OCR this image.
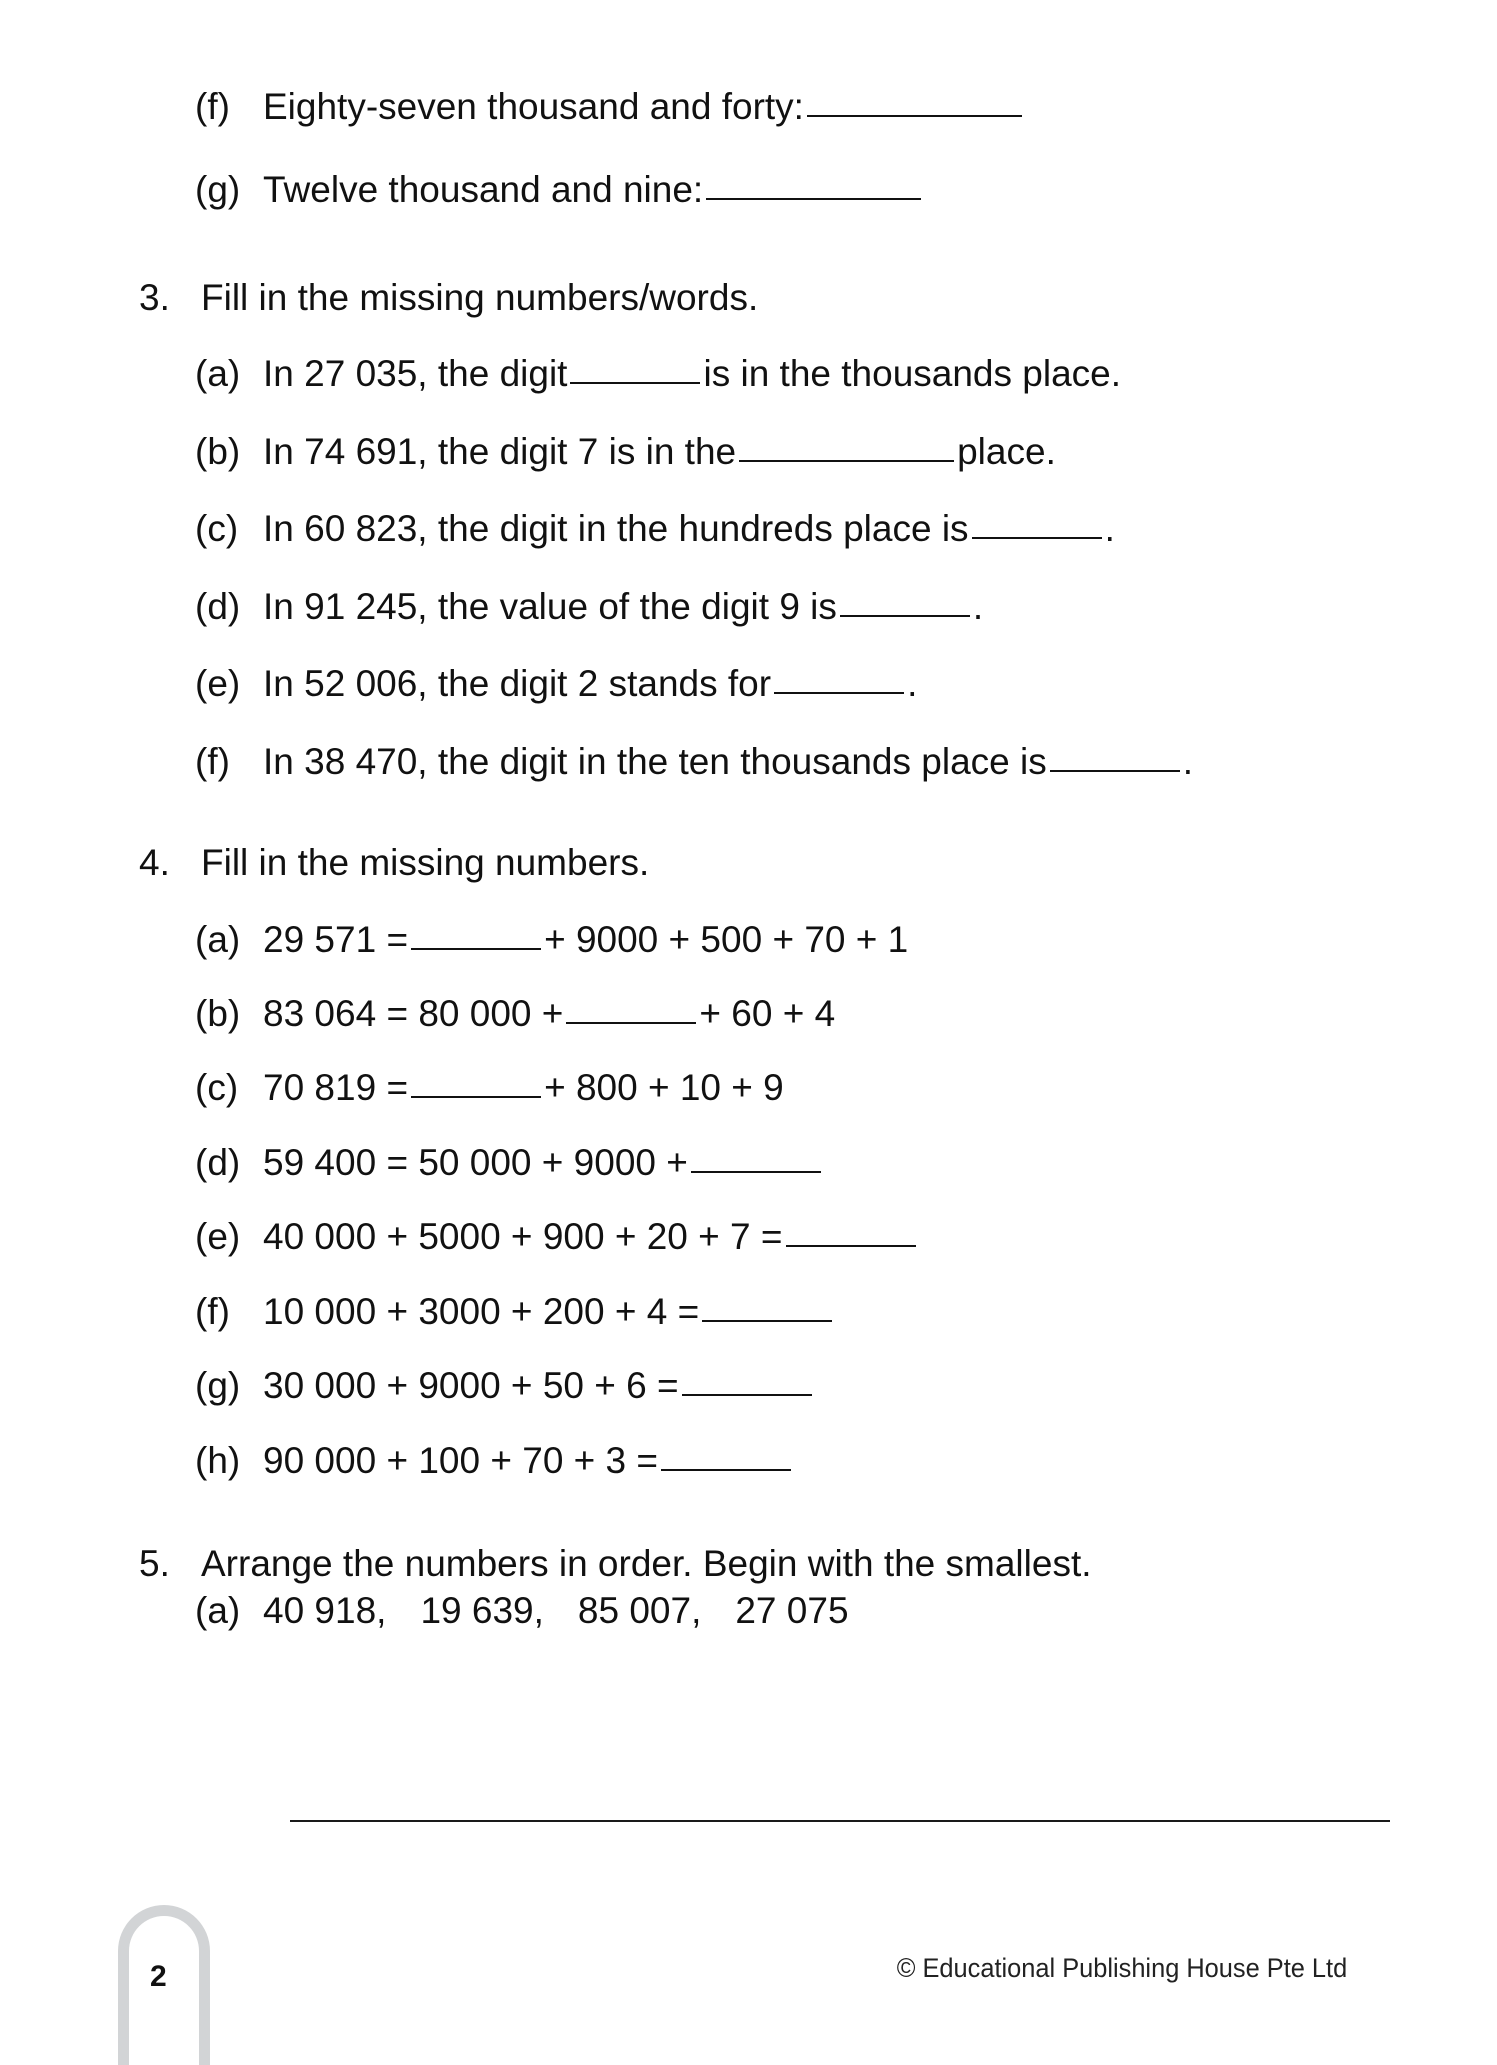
(f) Eighty-seven thousand and forty:
(g) Twelve thousand and nine:
3. Fill in the missing numbers/words.
(a) In 27 035, the digit	is in the thousands place.
(b) In 74 691, the digit 7 is in the	place.
(c) In 60 823, the digit in the hundreds place is	.
(d) In 91 245, the value of the digit 9 is	.
(e) In 52 006, the digit 2 stands for	.
(f) In 38 470, the digit in the ten thousands place is	.
4. Fill in the missing numbers.
(a) 29 571 =	+ 9000 + 500 + 70 + 1
(b) 83 064 = 80 000 +	+ 60 + 4
(c) 70 819 =	+ 800 + 10 + 9
(d) 59 400 = 50 000 + 9000 +
(e) 40 000 + 5000 + 900 + 20 + 7 =
(f) 10 000 + 3000 + 200 + 4 =
(g) 30 000 + 9000 + 50 + 6 =
(h) 90 000 + 100 + 70 + 3 =
5. Arrange the numbers in order. Begin with the smallest.
(a) 40 918, 19 639, 85 007, 27 075
2	© Educational Publishing House Pte Ltd
